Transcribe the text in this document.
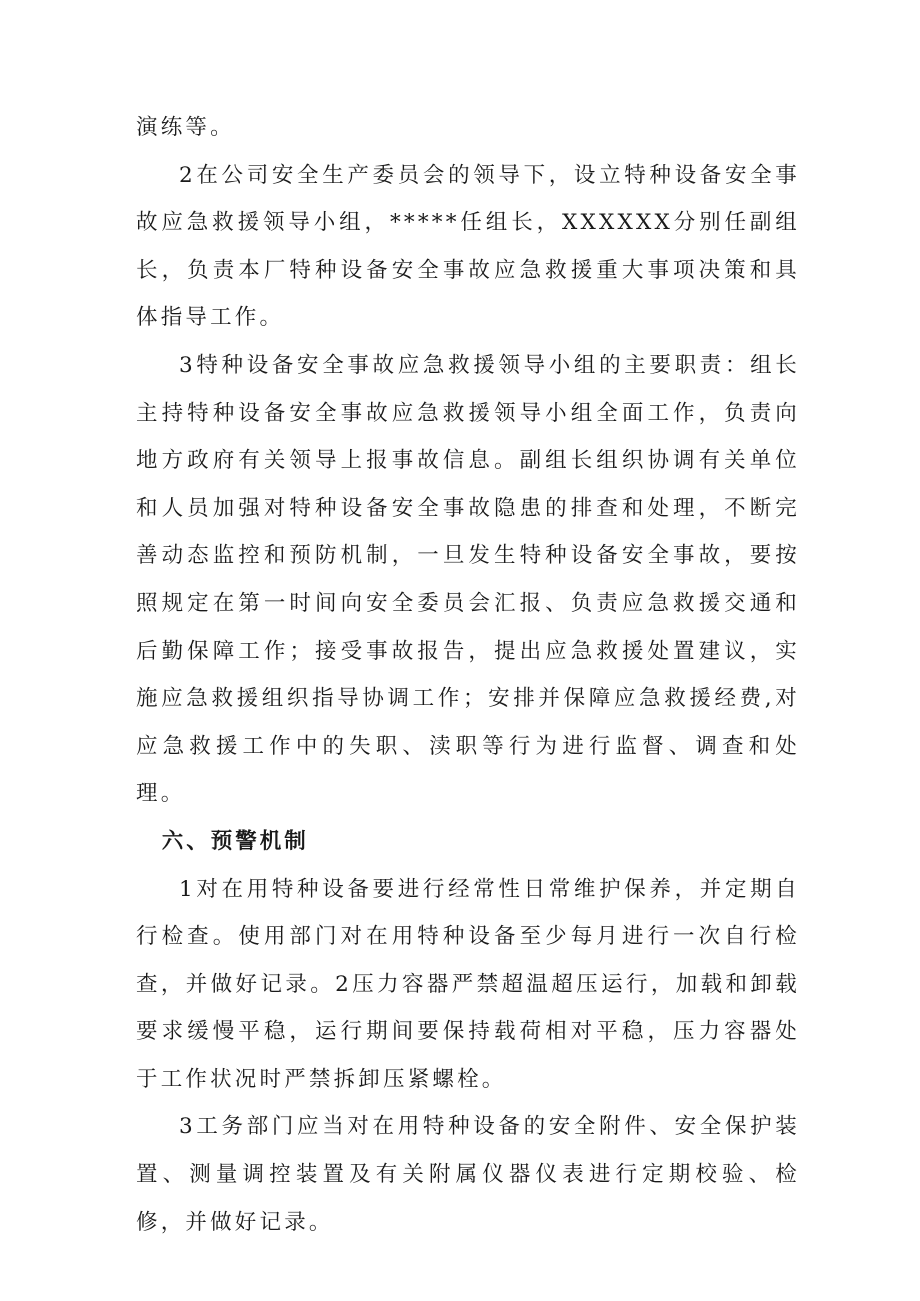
演练等。

2在公司安全生产委员会的领导下，设立特种设备安全事故应急救援领导小组，*****任组长，XXXXXX分别任副组长，负责本厂特种设备安全事故应急救援重大事项决策和具体指导工作。

3特种设备安全事故应急救援领导小组的主要职责：组长主持特种设备安全事故应急救援领导小组全面工作，负责向地方政府有关领导上报事故信息。副组长组织协调有关单位和人员加强对特种设备安全事故隐患的排查和处理，不断完善动态监控和预防机制，一旦发生特种设备安全事故，要按照规定在第一时间向安全委员会汇报、负责应急救援交通和后勤保障工作；接受事故报告，提出应急救援处置建议，实施应急救援组织指导协调工作；安排并保障应急救援经费,对应急救援工作中的失职、渎职等行为进行监督、调查和处理。

六、预警机制

1对在用特种设备要进行经常性日常维护保养，并定期自行检查。使用部门对在用特种设备至少每月进行一次自行检查，并做好记录。2压力容器严禁超温超压运行，加载和卸载要求缓慢平稳，运行期间要保持载荷相对平稳，压力容器处于工作状况时严禁拆卸压紧螺栓。

3工务部门应当对在用特种设备的安全附件、安全保护装置、测量调控装置及有关附属仪器仪表进行定期校验、检修，并做好记录。
